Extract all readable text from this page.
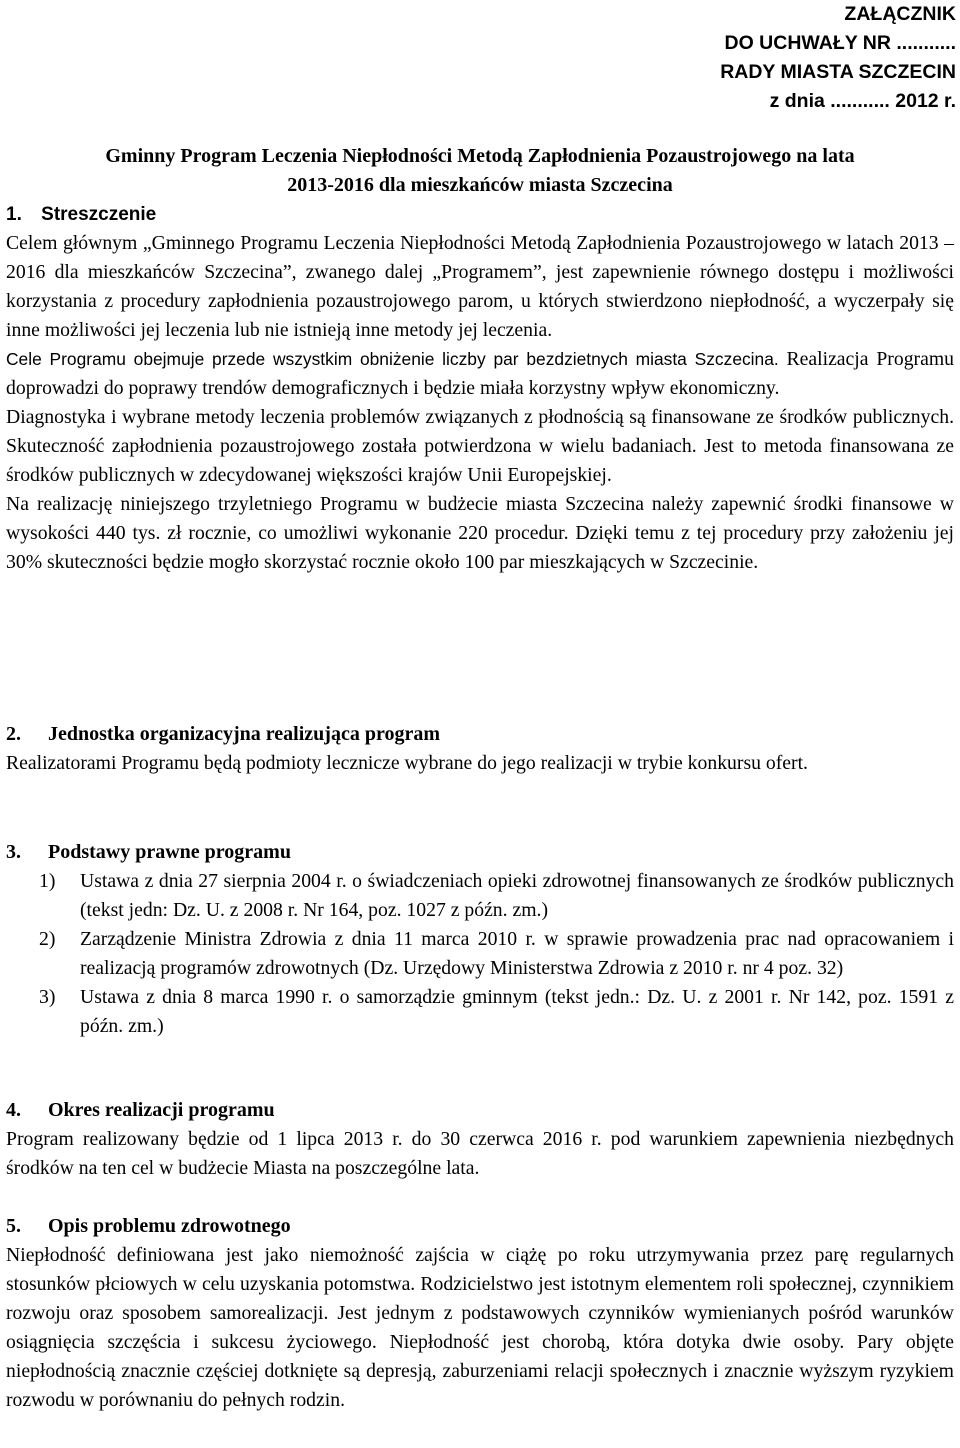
ZAŁĄCZNIK
DO UCHWAŁY NR ...........
RADY MIASTA SZCZECIN
z dnia ........... 2012 r.
Gminny Program Leczenia Niepłodności Metodą Zapłodnienia Pozaustrojowego na lata
2013-2016 dla mieszkańców miasta Szczecina
1. Streszczenie

Celem głównym „Gminnego Programu Leczenia Niepłodności Metodą Zapłodnienia Pozaustrojowego w latach 2013 – 2016 dla mieszkańców Szczecina”, zwanego dalej „Programem”, jest zapewnienie równego dostępu i możliwości korzystania z procedury zapłodnienia pozaustrojowego parom, u których stwierdzono niepłodność, a wyczerpały się inne możliwości jej leczenia lub nie istnieją inne metody jej leczenia.

Cele Programu obejmuje przede wszystkim obniżenie liczby par bezdzietnych miasta Szczecina. Realizacja Programu doprowadzi do poprawy trendów demograficznych i będzie miała korzystny wpływ ekonomiczny.

Diagnostyka i wybrane metody leczenia problemów związanych z płodnością są finansowane ze środków publicznych. Skuteczność zapłodnienia pozaustrojowego została potwierdzona w wielu badaniach. Jest to metoda finansowana ze środków publicznych w zdecydowanej większości krajów Unii Europejskiej.

Na realizację niniejszego trzyletniego Programu w budżecie miasta Szczecina należy zapewnić środki finansowe w wysokości 440 tys. zł rocznie, co umożliwi wykonanie 220 procedur. Dzięki temu z tej procedury przy założeniu jej 30% skuteczności będzie mogło skorzystać rocznie około 100 par mieszkających w Szczecinie.

2. Jednostka organizacyjna realizująca program

Realizatorami Programu będą podmioty lecznicze wybrane do jego realizacji w trybie konkursu ofert.

3. Podstawy prawne programu
1) Ustawa z dnia 27 sierpnia 2004 r. o świadczeniach opieki zdrowotnej finansowanych ze środków publicznych (tekst jedn: Dz. U. z 2008 r. Nr 164, poz. 1027 z późn. zm.)
2) Zarządzenie Ministra Zdrowia z dnia 11 marca 2010 r. w sprawie prowadzenia prac nad opracowaniem i realizacją programów zdrowotnych (Dz. Urzędowy Ministerstwa Zdrowia z 2010 r. nr 4 poz. 32)
3) Ustawa z dnia 8 marca 1990 r. o samorządzie gminnym (tekst jedn.: Dz. U. z 2001 r. Nr 142, poz. 1591 z późn. zm.)
4. Okres realizacji programu

Program realizowany będzie od 1 lipca 2013 r. do 30 czerwca 2016 r. pod warunkiem zapewnienia niezbędnych środków na ten cel w budżecie Miasta na poszczególne lata.

5. Opis problemu zdrowotnego

Niepłodność definiowana jest jako niemożność zajścia w ciążę po roku utrzymywania przez parę regularnych stosunków płciowych w celu uzyskania potomstwa. Rodzicielstwo jest istotnym elementem roli społecznej, czynnikiem rozwoju oraz sposobem samorealizacji. Jest jednym z podstawowych czynników wymienianych pośród warunków osiągnięcia szczęścia i sukcesu życiowego. Niepłodność jest chorobą, która dotyka dwie osoby. Pary objęte niepłodnością znacznie częściej dotknięte są depresją, zaburzeniami relacji społecznych i znacznie wyższym ryzykiem rozwodu w porównaniu do pełnych rodzin.
